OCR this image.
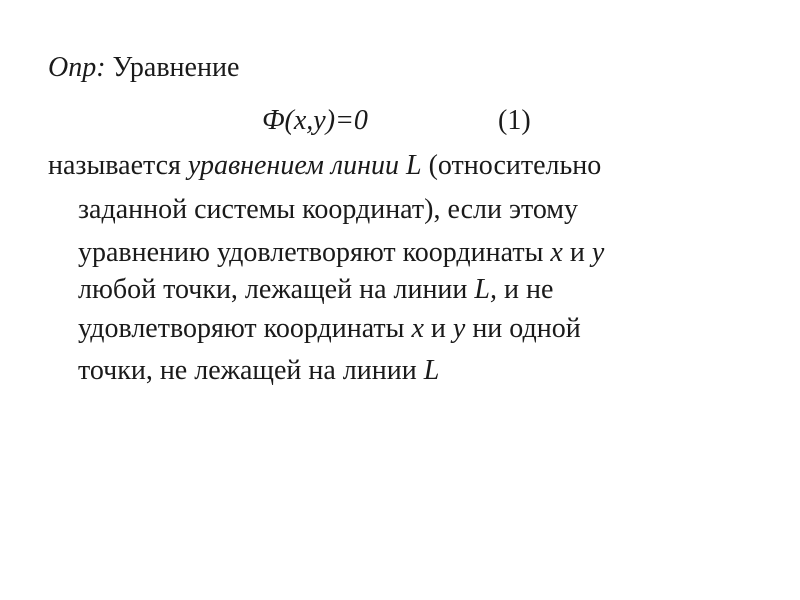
Опр: Уравнение
Ф(х,у)=0	(1)
называется уравнением линии L (относительно
заданной системы координат), если этому
уравнению удовлетворяют координаты х и у
любой точки, лежащей на линии L, и не
удовлетворяют координаты х и у ни одной
точки, не лежащей на линии L
